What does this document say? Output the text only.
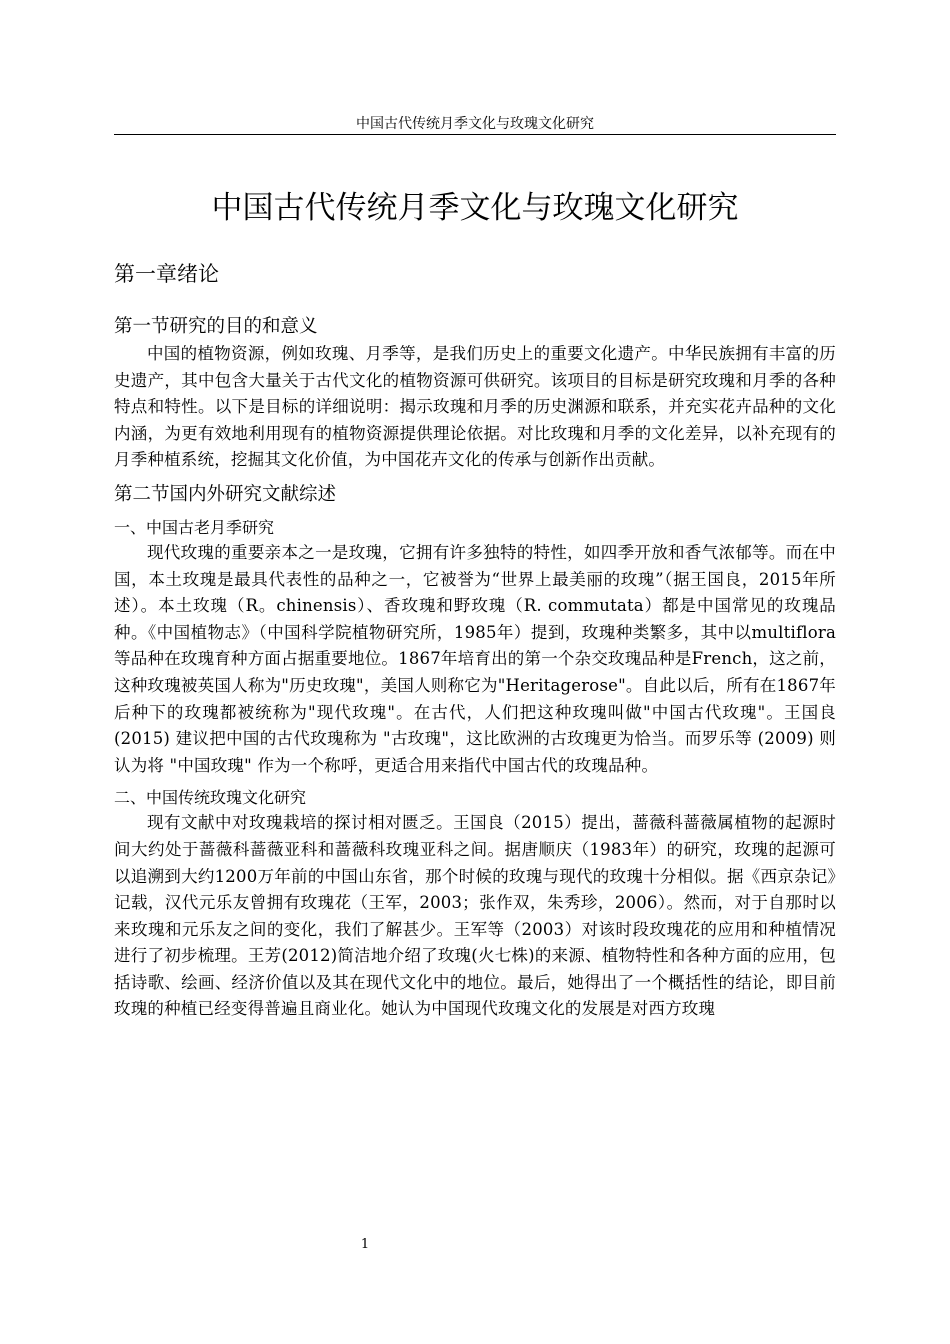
中国古代传统月季文化与玫瑰文化研究
中国古代传统月季文化与玫瑰文化研究
第一章绪论
第一节研究的目的和意义

中国的植物资源，例如玫瑰、月季等，是我们历史上的重要文化遗产。中华民族拥有丰富的历史遗产，其中包含大量关于古代文化的植物资源可供研究。该项目的目标是研究玫瑰和月季的各种特点和特性。以下是目标的详细说明：揭示玫瑰和月季的历史渊源和联系，并充实花卉品种的文化内涵，为更有效地利用现有的植物资源提供理论依据。对比玫瑰和月季的文化差异，以补充现有的月季种植系统，挖掘其文化价值，为中国花卉文化的传承与创新作出贡献。

第二节国内外研究文献综述
一、中国古老月季研究

现代玫瑰的重要亲本之一是玫瑰，它拥有许多独特的特性，如四季开放和香气浓郁等。而在中国，本土玫瑰是最具代表性的品种之一，它被誉为“世界上最美丽的玫瑰”（据王国良，2015年所述）。本土玫瑰（R。chinensis）、香玫瑰和野玫瑰（R. commutata）都是中国常见的玫瑰品种。《中国植物志》（中国科学院植物研究所，1985年）提到，玫瑰种类繁多，其中以multiflora等品种在玫瑰育种方面占据重要地位。1867年培育出的第一个杂交玫瑰品种是French，这之前，这种玫瑰被英国人称为"历史玫瑰"，美国人则称它为"Heritagerose"。自此以后，所有在1867年后种下的玫瑰都被统称为"现代玫瑰"。在古代，人们把这种玫瑰叫做"中国古代玫瑰"。王国良 (2015) 建议把中国的古代玫瑰称为 "古玫瑰"，这比欧洲的古玫瑰更为恰当。而罗乐等 (2009) 则认为将 "中国玫瑰" 作为一个称呼，更适合用来指代中国古代的玫瑰品种。

二、中国传统玫瑰文化研究

现有文献中对玫瑰栽培的探讨相对匮乏。王国良（2015）提出，蔷薇科蔷薇属植物的起源时间大约处于蔷薇科蔷薇亚科和蔷薇科玫瑰亚科之间。据唐顺庆（1983年）的研究，玫瑰的起源可以追溯到大约1200万年前的中国山东省，那个时候的玫瑰与现代的玫瑰十分相似。据《西京杂记》记载，汉代元乐友曾拥有玫瑰花（王军，2003；张作双，朱秀珍，2006）。然而，对于自那时以来玫瑰和元乐友之间的变化，我们了解甚少。王军等（2003）对该时段玫瑰花的应用和种植情况进行了初步梳理。王芳(2012)简洁地介绍了玫瑰(火七株)的来源、植物特性和各种方面的应用，包括诗歌、绘画、经济价值以及其在现代文化中的地位。最后，她得出了一个概括性的结论，即目前玫瑰的种植已经变得普遍且商业化。她认为中国现代玫瑰文化的发展是对西方玫瑰

1
